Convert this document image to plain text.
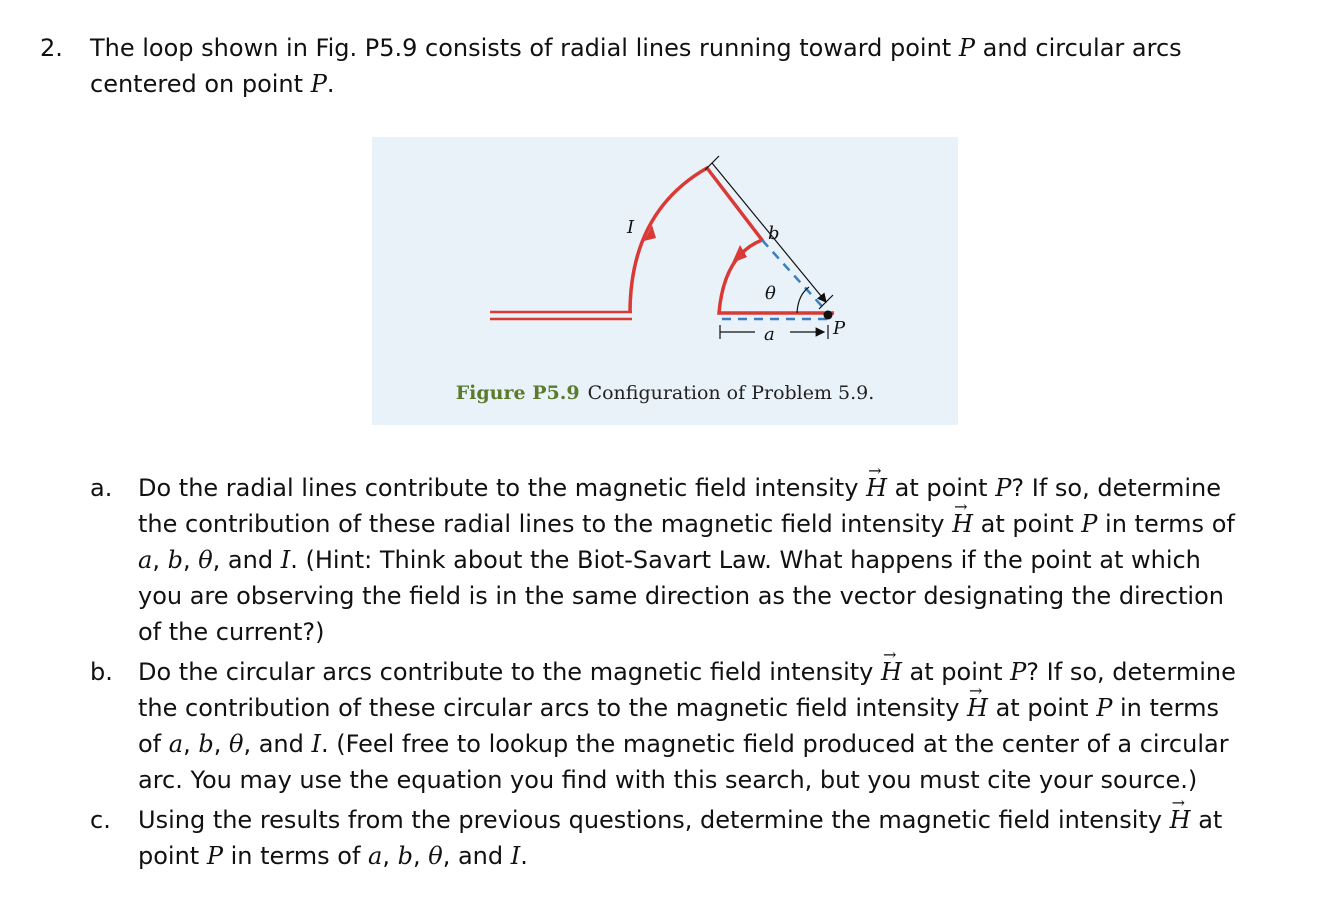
2. The loop shown in Fig. P5.9 consists of radial lines running toward point P and circular arcs centered on point P.
I	b
θ
a	P
Figure P5.9 Configuration of Problem 5.9.
a. Do the radial lines contribute to the magnetic field intensity → H at point P? If so, determine the contribution of these radial lines to the magnetic field intensity → H at point P in terms of a, b, θ, and I. (Hint: Think about the Biot-Savart Law. What happens if the point at which you are observing the field is in the same direction as the vector designating the direction of the current?)
b. Do the circular arcs contribute to the magnetic field intensity → H at point P? If so, determine the contribution of these circular arcs to the magnetic field intensity → H at point P in terms of a, b, θ, and I. (Feel free to lookup the magnetic field produced at the center of a circular arc. You may use the equation you find with this search, but you must cite your source.)
c. Using the results from the previous questions, determine the magnetic field intensity → H at point P in terms of a, b, θ, and I.
